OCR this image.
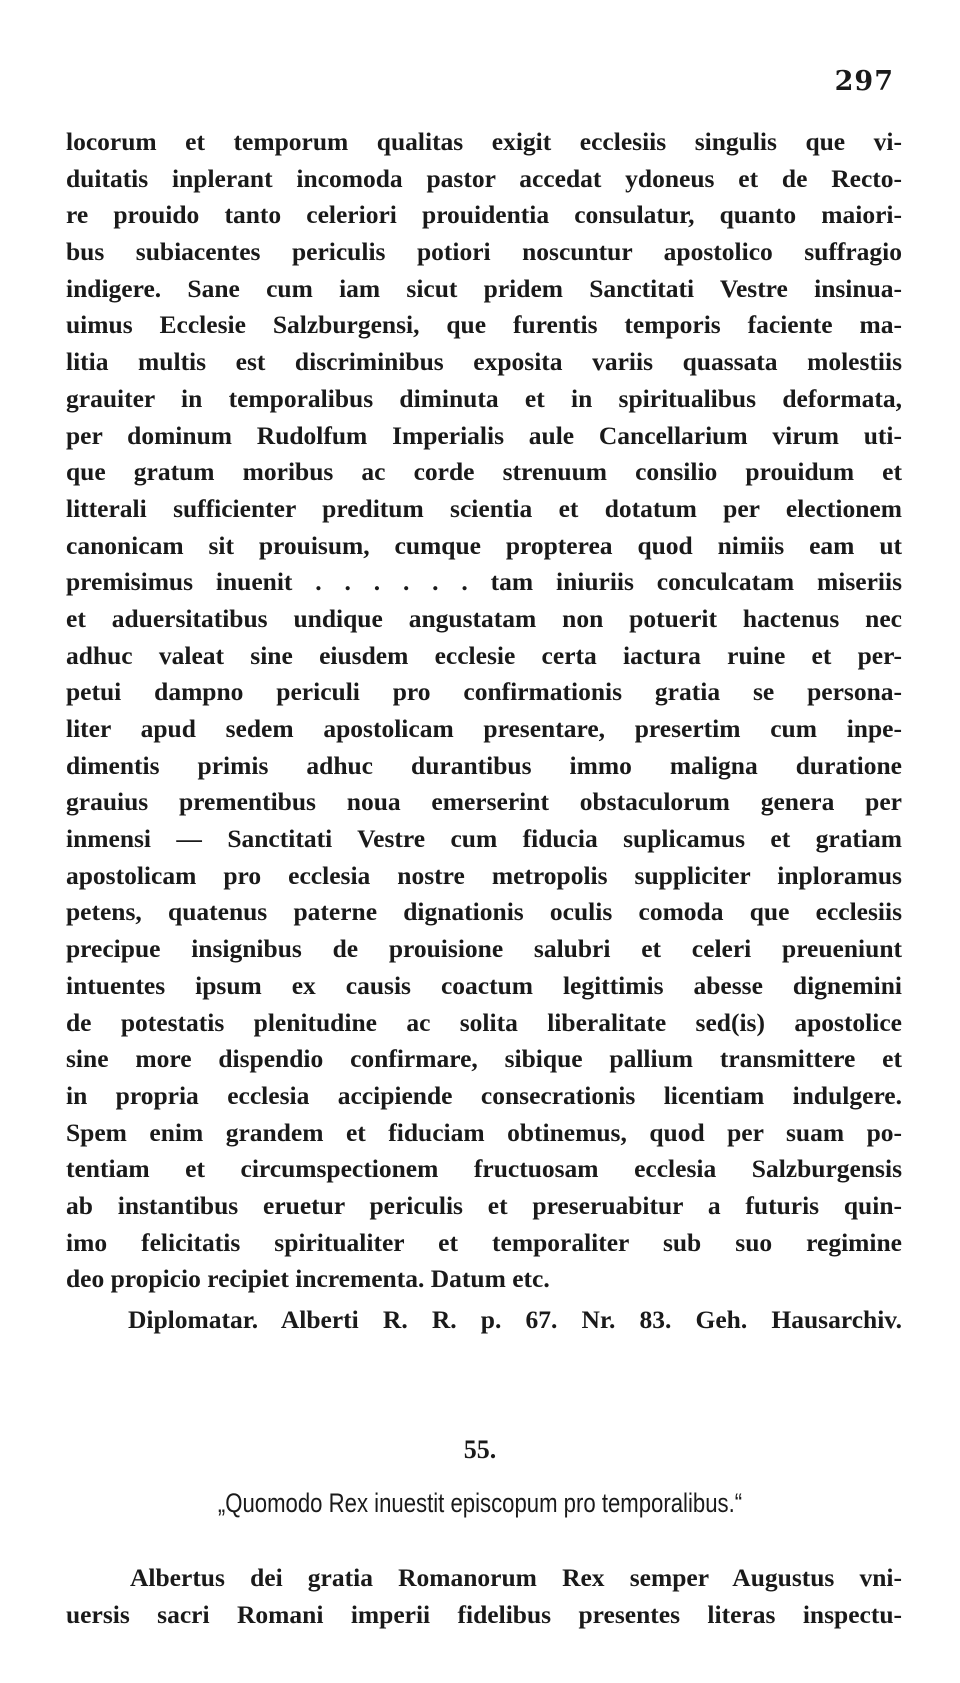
297
locorum et temporum qualitas exigit ecclesiis singulis que vi-
duitatis inplerant incomoda pastor accedat ydoneus et de Recto-
re prouido tanto celeriori prouidentia consulatur, quanto maiori-
bus subiacentes periculis potiori noscuntur apostolico suffragio
indigere. Sane cum iam sicut pridem Sanctitati Vestre insinua-
uimus Ecclesie Salzburgensi, que furentis temporis faciente ma-
litia multis est discriminibus exposita variis quassata molestiis
grauiter in temporalibus diminuta et in spiritualibus deformata,
per dominum Rudolfum Imperialis aule Cancellarium virum uti-
que gratum moribus ac corde strenuum consilio prouidum et
litterali sufficienter preditum scientia et dotatum per electionem
canonicam sit prouisum, cumque propterea quod nimiis eam ut
premisimus inuenit . . . . . . tam iniuriis conculcatam miseriis
et aduersitatibus undique angustatam non potuerit hactenus nec
adhuc valeat sine eiusdem ecclesie certa iactura ruine et per-
petui dampno periculi pro confirmationis gratia se persona-
liter apud sedem apostolicam presentare, presertim cum inpe-
dimentis primis adhuc durantibus immo maligna duratione
grauius prementibus noua emerserint obstaculorum genera per
inmensi — Sanctitati Vestre cum fiducia suplicamus et gratiam
apostolicam pro ecclesia nostre metropolis suppliciter inploramus
petens, quatenus paterne dignationis oculis comoda que ecclesiis
precipue insignibus de prouisione salubri et celeri preueniunt
intuentes ipsum ex causis coactum legittimis abesse dignemini
de potestatis plenitudine ac solita liberalitate sed(is) apostolice
sine more dispendio confirmare, sibique pallium transmittere et
in propria ecclesia accipiende consecrationis licentiam indulgere.
Spem enim grandem et fiduciam obtinemus, quod per suam po-
tentiam et circumspectionem fructuosam ecclesia Salzburgensis
ab instantibus eruetur periculis et preseruabitur a futuris quin-
imo felicitatis spiritualiter et temporaliter sub suo regimine
deo propicio recipiet incrementa. Datum etc.
Diplomatar. Alberti R. R. p. 67. Nr. 83. Geh. Hausarchiv.
55.
„Quomodo Rex inuestit episcopum pro temporalibus.“
Albertus dei gratia Romanorum Rex semper Augustus vni-
uersis sacri Romani imperii fidelibus presentes literas inspectu-
